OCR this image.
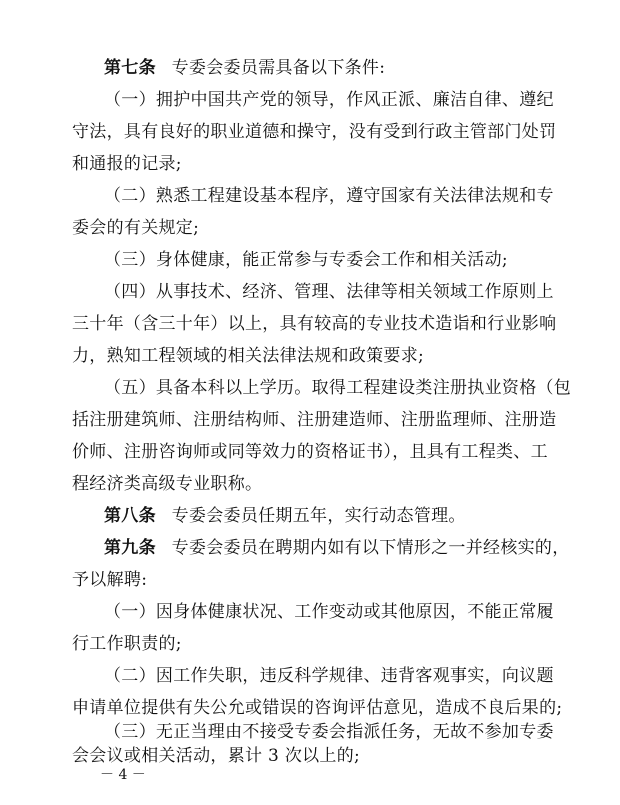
第七条 专委会委员需具备以下条件:
（一）拥护中国共产党的领导，作风正派、廉洁自律、遵纪
守法，具有良好的职业道德和操守，没有受到行政主管部门处罚
和通报的记录;
（二）熟悉工程建设基本程序，遵守国家有关法律法规和专
委会的有关规定;
（三）身体健康，能正常参与专委会工作和相关活动;
（四）从事技术、经济、管理、法律等相关领域工作原则上
三十年（含三十年）以上，具有较高的专业技术造诣和行业影响
力，熟知工程领域的相关法律法规和政策要求;
（五）具备本科以上学历。取得工程建设类注册执业资格（包
括注册建筑师、注册结构师、注册建造师、注册监理师、注册造
价师、注册咨询师或同等效力的资格证书），且具有工程类、工
程经济类高级专业职称。
第八条 专委会委员任期五年，实行动态管理。
第九条 专委会委员在聘期内如有以下情形之一并经核实的，
予以解聘:
（一）因身体健康状况、工作变动或其他原因，不能正常履
行工作职责的;
（二）因工作失职，违反科学规律、违背客观事实，向议题
申请单位提供有失公允或错误的咨询评估意见，造成不良后果的;
（三）无正当理由不接受专委会指派任务，无故不参加专委
会会议或相关活动，累计 3 次以上的;
－ 4 －
